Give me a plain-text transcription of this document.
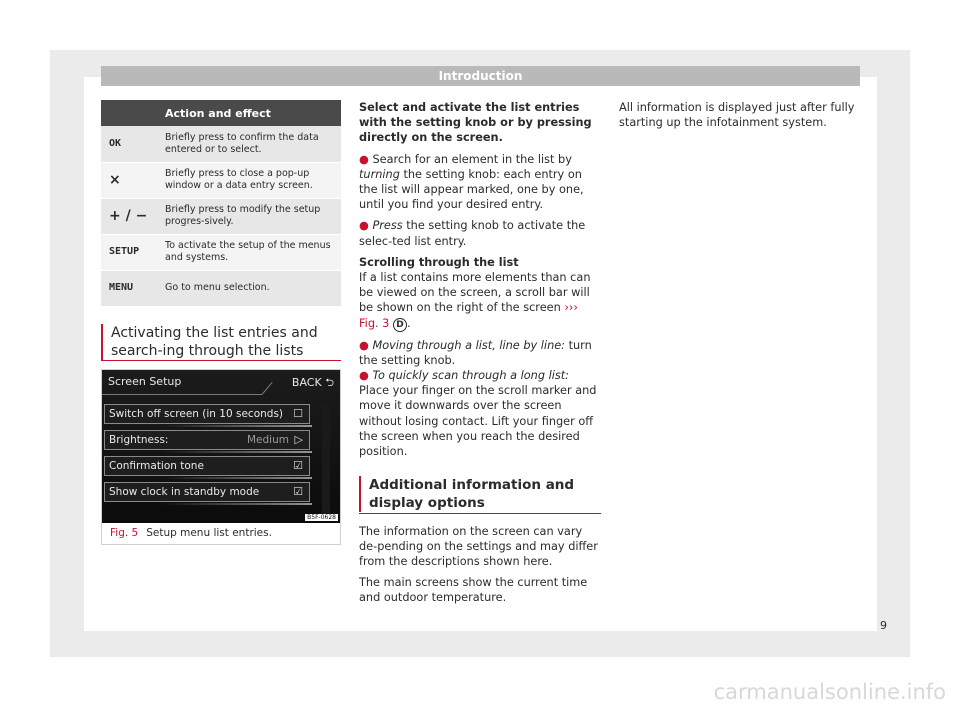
Introduction
	Action and effect
OK	Briefly press to confirm the data entered or to select.
×	Briefly press to close a pop-up window or a data entry screen.
+ / −	Briefly press to modify the setup progres-sively.
SETUP	To activate the setup of the menus and systems.
MENU	Go to menu selection.
Activating the list entries and search-ing through the lists
Screen Setup	BACK ⮌
Switch off screen (in 10 seconds) ☐
Brightness:	Medium ▷
Confirmation tone	☑
Show clock in standby mode	☑
B5F-0628
Fig. 5 Setup menu list entries.

Select and activate the list entries with the setting knob or by pressing directly on the screen.

● Search for an element in the list by turning the setting knob: each entry on the list will appear marked, one by one, until you find your desired entry.

● Press the setting knob to activate the selec-ted list entry.

Scrolling through the list

If a list contains more elements than can be viewed on the screen, a scroll bar will be shown on the right of the screen ››› Fig. 3 D .

● Moving through a list, line by line: turn the setting knob.

● To quickly scan through a long list: Place your finger on the scroll marker and move it downwards over the screen without losing contact. Lift your finger off the screen when you reach the desired position.

Additional information and display options

The information on the screen can vary de-pending on the settings and may differ from the descriptions shown here.

The main screens show the current time and outdoor temperature.

All information is displayed just after fully starting up the infotainment system.

9
carmanualsonline.info
